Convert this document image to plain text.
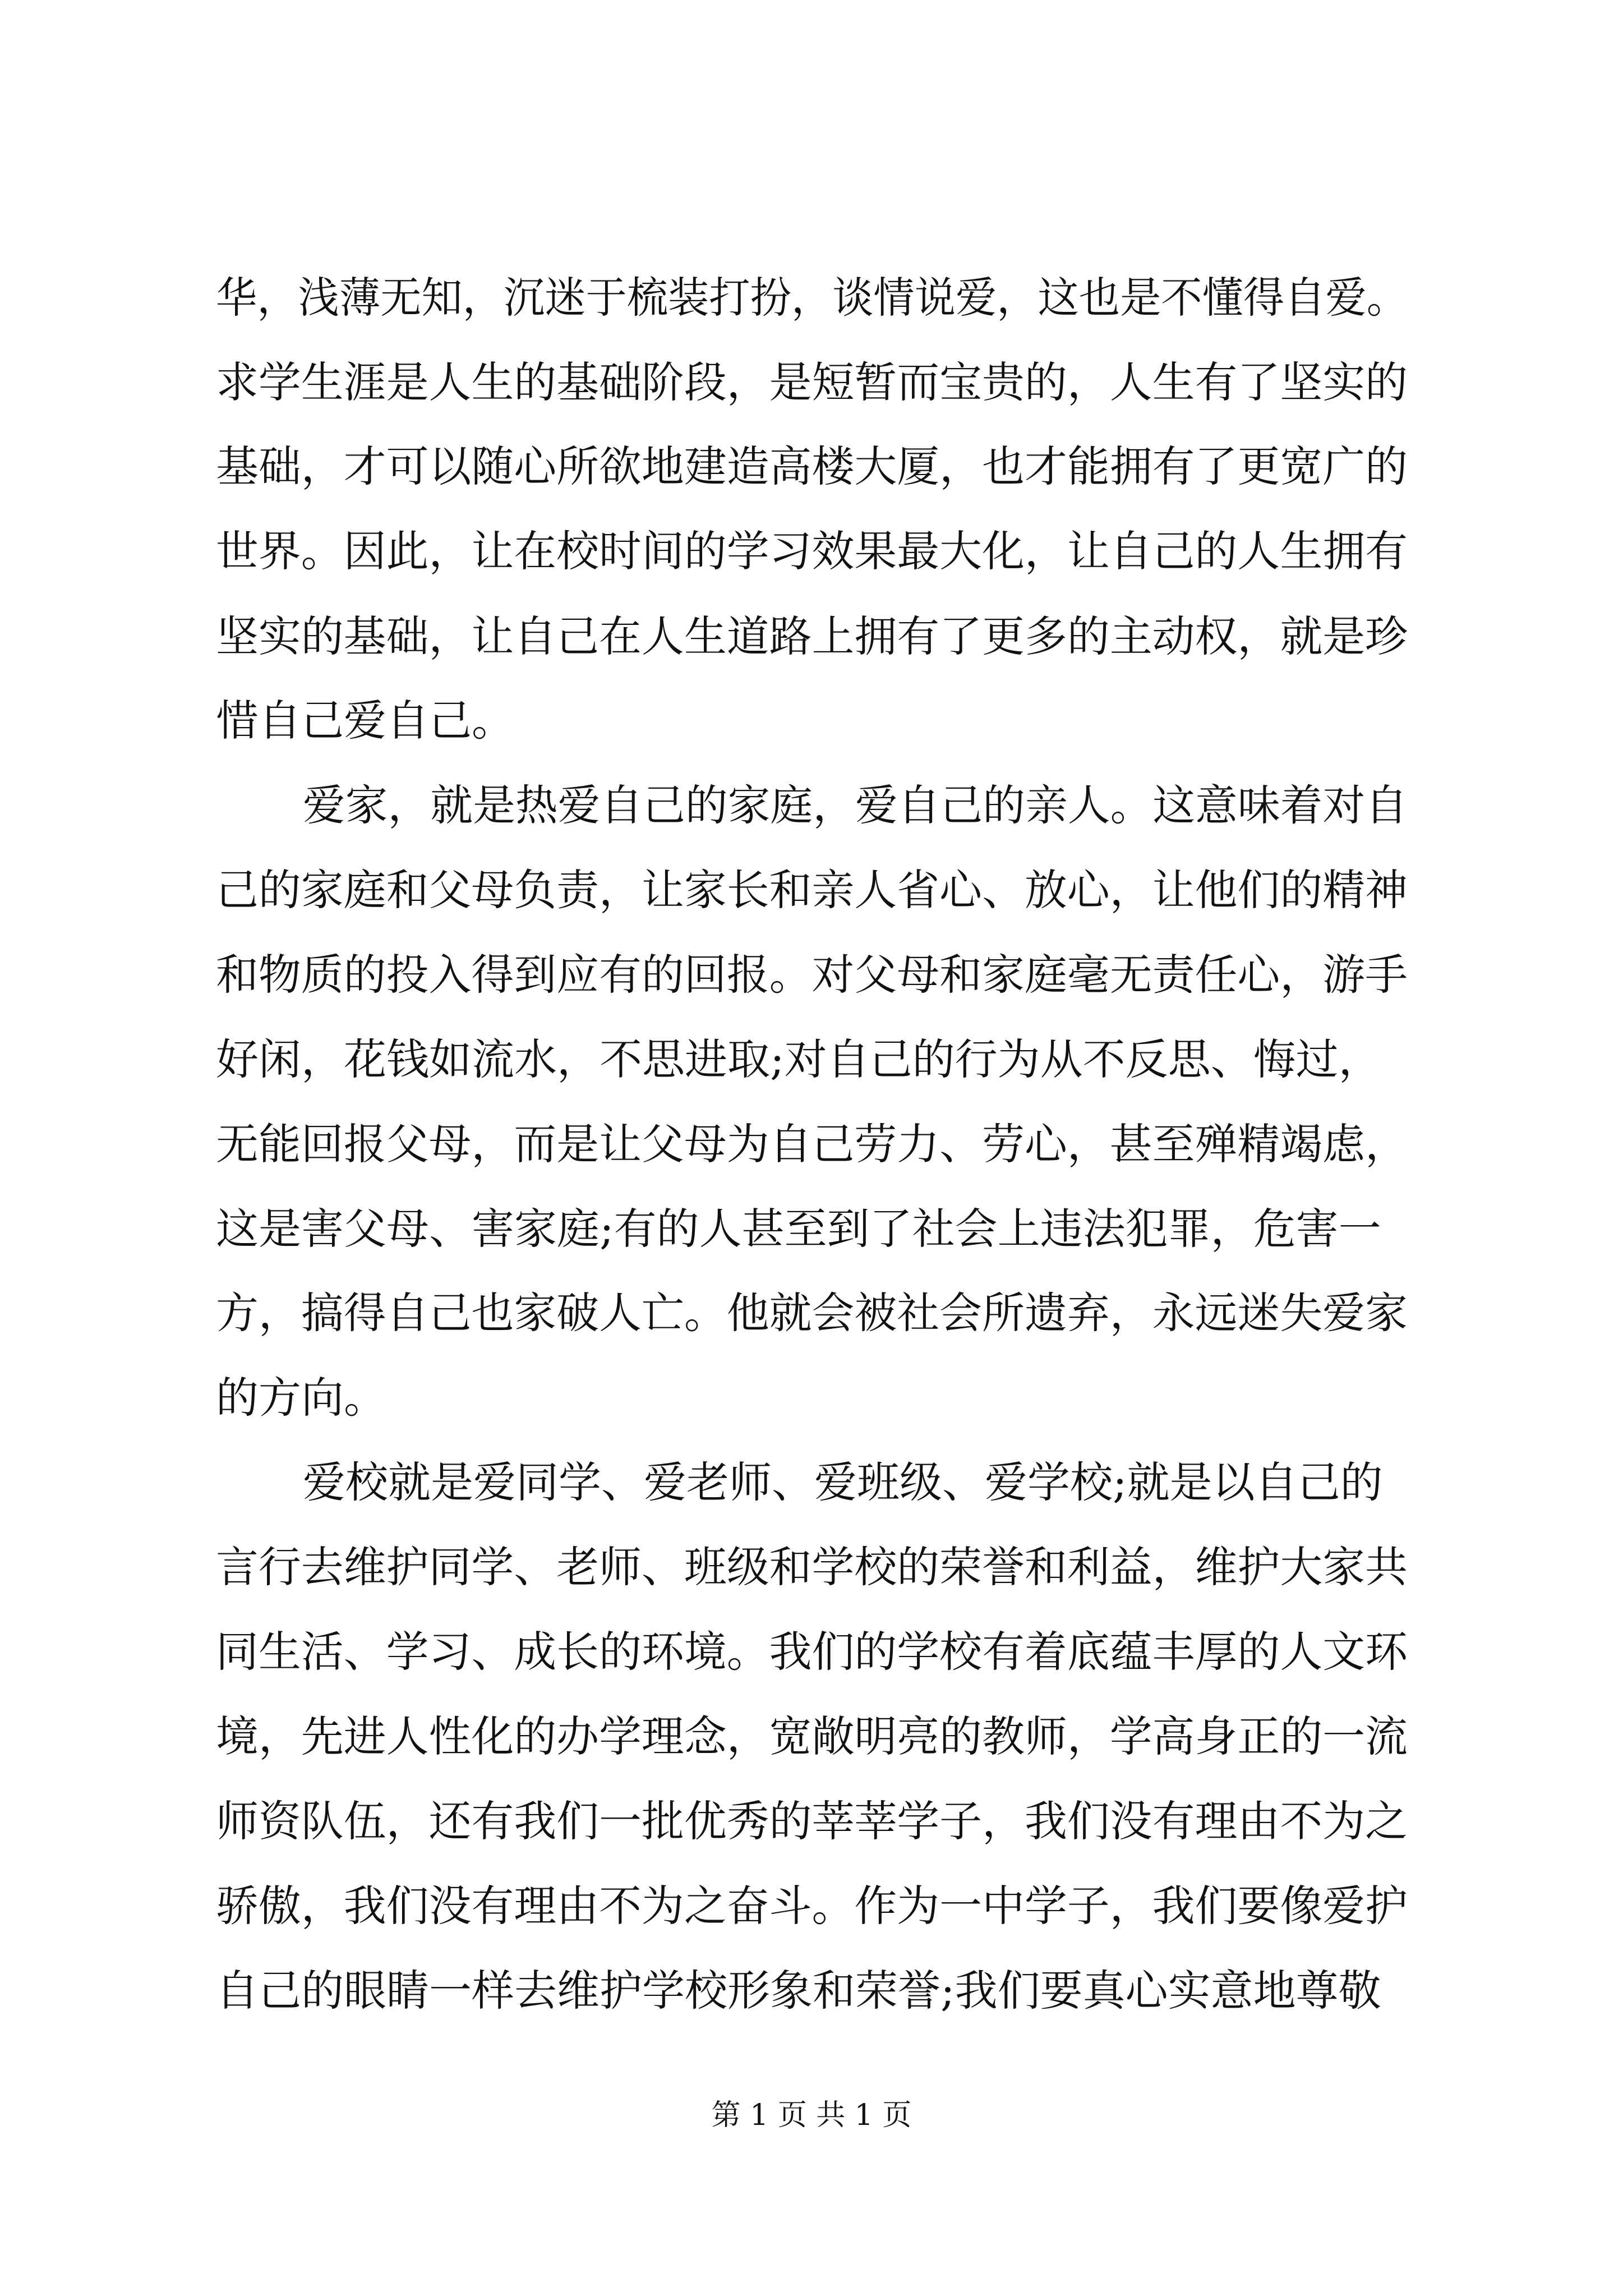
华，浅薄无知，沉迷于梳装打扮，谈情说爱，这也是不懂得自爱。
求学生涯是人生的基础阶段，是短暂而宝贵的，人生有了坚实的
基础，才可以随心所欲地建造高楼大厦，也才能拥有了更宽广的
世界。因此，让在校时间的学习效果最大化，让自己的人生拥有
坚实的基础，让自己在人生道路上拥有了更多的主动权，就是珍
惜自己爱自己。
爱家，就是热爱自己的家庭，爱自己的亲人。这意味着对自
己的家庭和父母负责，让家长和亲人省心、放心，让他们的精神
和物质的投入得到应有的回报。对父母和家庭毫无责任心，游手
好闲，花钱如流水，不思进取;对自己的行为从不反思、悔过，
无能回报父母，而是让父母为自己劳力、劳心，甚至殚精竭虑，
这是害父母、害家庭;有的人甚至到了社会上违法犯罪，危害一
方，搞得自己也家破人亡。他就会被社会所遗弃，永远迷失爱家
的方向。
爱校就是爱同学、爱老师、爱班级、爱学校;就是以自己的
言行去维护同学、老师、班级和学校的荣誉和利益，维护大家共
同生活、学习、成长的环境。我们的学校有着底蕴丰厚的人文环
境，先进人性化的办学理念，宽敞明亮的教师，学高身正的一流
师资队伍，还有我们一批优秀的莘莘学子，我们没有理由不为之
骄傲，我们没有理由不为之奋斗。作为一中学子，我们要像爱护
自己的眼睛一样去维护学校形象和荣誉;我们要真心实意地尊敬
第 1 页 共 1 页
